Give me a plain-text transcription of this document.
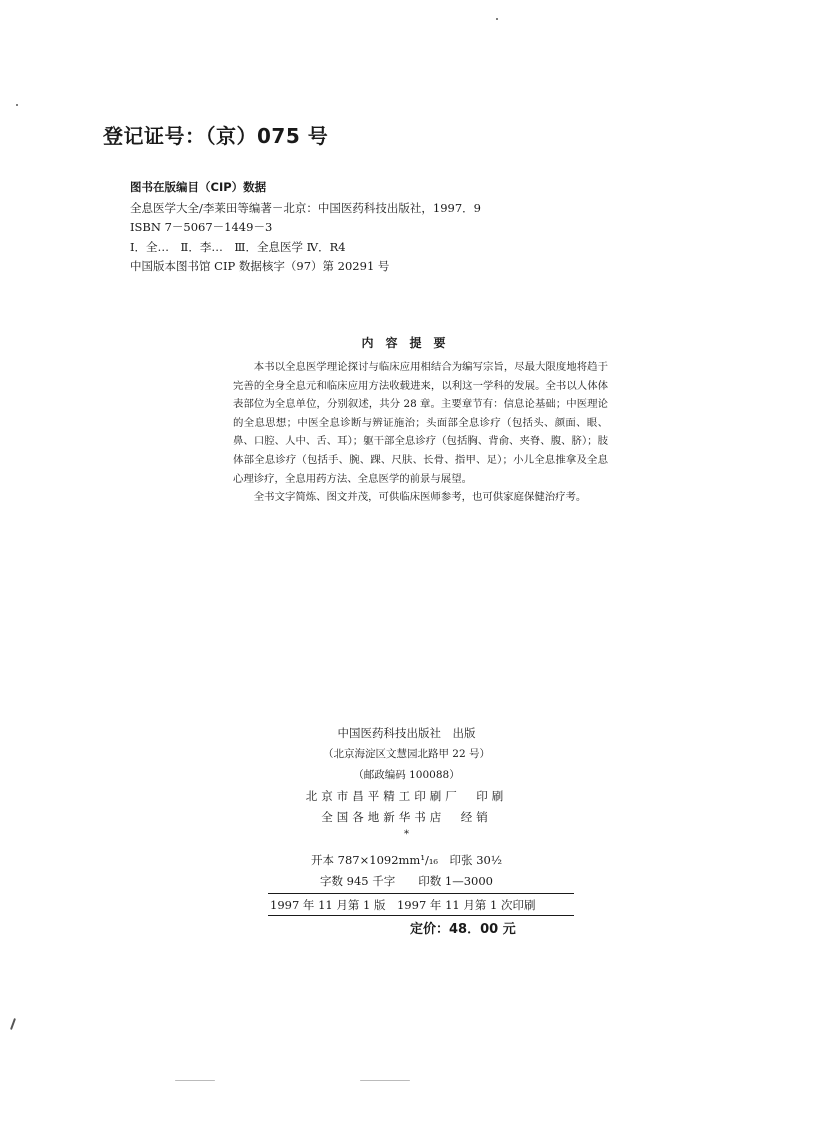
登记证号：（京）075 号
图书在版编目（CIP）数据
全息医学大全/李莱田等编著－北京：中国医药科技出版社，1997．9
ISBN 7－5067－1449－3
Ⅰ．全…　Ⅱ．李…　Ⅲ．全息医学 Ⅳ．R4
中国版本图书馆 CIP 数据核字（97）第 20291 号
内容提要

本书以全息医学理论探讨与临床应用相结合为编写宗旨，尽最大限度地将趋于完善的全身全息元和临床应用方法收载进来，以利这一学科的发展。全书以人体体表部位为全息单位，分别叙述，共分 28 章。主要章节有：信息论基础；中医理论的全息思想；中医全息诊断与辨证施治；头面部全息诊疗（包括头、颜面、眼、鼻、口腔、人中、舌、耳）；躯干部全息诊疗（包括胸、背俞、夹脊、腹、脐）；肢体部全息诊疗（包括手、腕、踝、尺肤、长骨、指甲、足）；小儿全息推拿及全息心理诊疗，全息用药方法、全息医学的前景与展望。

全书文字简炼、图文并茂，可供临床医师参考，也可供家庭保健治疗考。

中国医药科技出版社　出版
（北京海淀区文慧园北路甲 22 号）
（邮政编码 100088）
北京市昌平精工印刷厂　印刷
全国各地新华书店　经销
*
开本 787×1092mm¹/₁₆　印张 30½
字数 945 千字　　印数 1—3000
1997 年 11 月第 1 版　1997 年 11 月第 1 次印刷
定价：48．00 元
